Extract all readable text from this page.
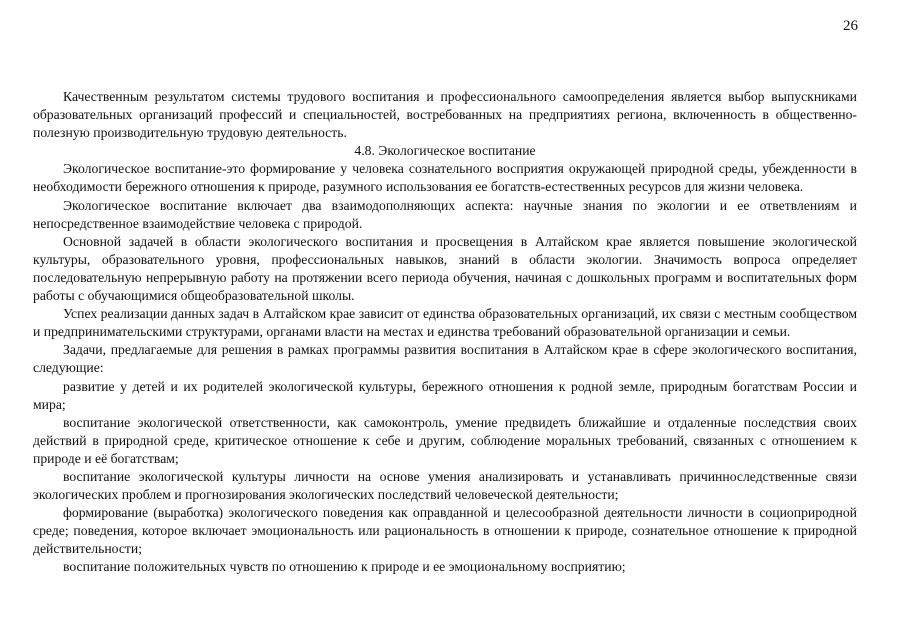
26

Качественным результатом системы трудового воспитания и профессионального самоопределения является выбор выпускниками образовательных организаций профессий и специальностей, востребованных на предприятиях региона, включенность в общественно-полезную производительную трудовую деятельность.

4.8. Экологическое воспитание

Экологическое воспитание-это формирование у человека сознательного восприятия окружающей природной среды, убежденности в необходимости бережного отношения к природе, разумного использования ее богатств-естественных ресурсов для жизни человека.

Экологическое воспитание включает два взаимодополняющих аспекта: научные знания по экологии и ее ответвлениям и непосредственное взаимодействие человека с природой.

Основной задачей в области экологического воспитания и просвещения в Алтайском крае является повышение экологической культуры, образовательного уровня, профессиональных навыков, знаний в области экологии. Значимость вопроса определяет последовательную непрерывную работу на протяжении всего периода обучения, начиная с дошкольных программ и воспитательных форм работы с обучающимися общеобразовательной школы.

Успех реализации данных задач в Алтайском крае зависит от единства образовательных организаций, их связи с местным сообществом и предпринимательскими структурами, органами власти на местах и единства требований образовательной организации и семьи.

Задачи, предлагаемые для решения в рамках программы развития воспитания в Алтайском крае в сфере экологического воспитания, следующие:

развитие у детей и их родителей экологической культуры, бережного отношения к родной земле, природным богатствам России и мира;

воспитание экологической ответственности, как самоконтроль, умение предвидеть ближайшие и отдаленные последствия своих действий в природной среде, критическое отношение к себе и другим, соблюдение моральных требований, связанных с отношением к природе и её богатствам;

воспитание экологической культуры личности на основе умения анализировать и устанавливать причинноследственные связи экологических проблем и прогнозирования экологических последствий человеческой деятельности;

формирование (выработка) экологического поведения как оправданной и целесообразной деятельности личности в социоприродной среде; поведения, которое включает эмоциональность или рациональность в отношении к природе, сознательное отношение к природной действительности;

воспитание положительных чувств по отношению к природе и ее эмоциональному восприятию;
